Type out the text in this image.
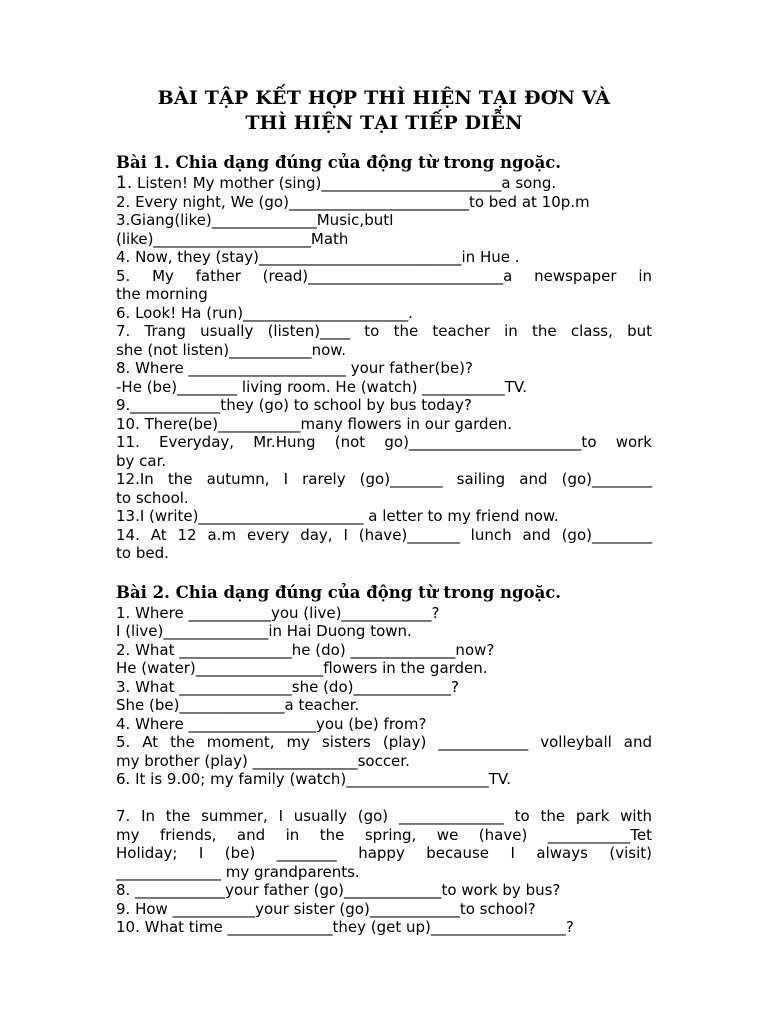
BÀI TẬP KẾT HỢP THÌ HIỆN TẠI ĐƠN VÀ
THÌ HIỆN TẠI TIẾP DIỄN

Bài 1. Chia dạng đúng của động từ trong ngoặc.

1. Listen! My mother (sing)________________________a song.

2. Every night, We (go)________________________to bed at 10p.m

3.Giang(like)______________Music,butI

(like)_____________________Math

4. Now, they (stay)___________________________in Hue .

5. My father (read)__________________________a newspaper in

the morning

6. Look! Ha (run)______________________.

7. Trang usually (listen)____ to the teacher in the class, but

she (not listen)___________now.

8. Where _____________________ your father(be)?

-He (be)________ living room. He (watch) ___________TV.

9.____________they (go) to school by bus today?

10. There(be)___________many flowers in our garden.

11. Everyday, Mr.Hung (not go)_______________________to work

by car.

12.In the autumn, I rarely (go)_______ sailing and (go)________

to school.

13.I (write)______________________ a letter to my friend now.

14. At 12 a.m every day, I (have)_______ lunch and (go)________

to bed.

Bài 2. Chia dạng đúng của động từ trong ngoặc.

1. Where ___________you (live)____________?

I (live)______________in Hai Duong town.

2. What _______________he (do) ______________now?

He (water)_________________flowers in the garden.

3. What _______________she (do)_____________?

She (be)______________a teacher.

4. Where _________________you (be) from?

5. At the moment, my sisters (play) ____________ volleyball and

my brother (play) ______________soccer.

6. It is 9.00; my family (watch)___________________TV.

7. In the summer, I usually (go) ______________ to the park with

my friends, and in the spring, we (have) ___________Tet

Holiday; I (be) ________ happy because I always (visit)

______________ my grandparents.

8. ____________your father (go)_____________to work by bus?

9. How ___________your sister (go)____________to school?

10. What time ______________they (get up)__________________?
